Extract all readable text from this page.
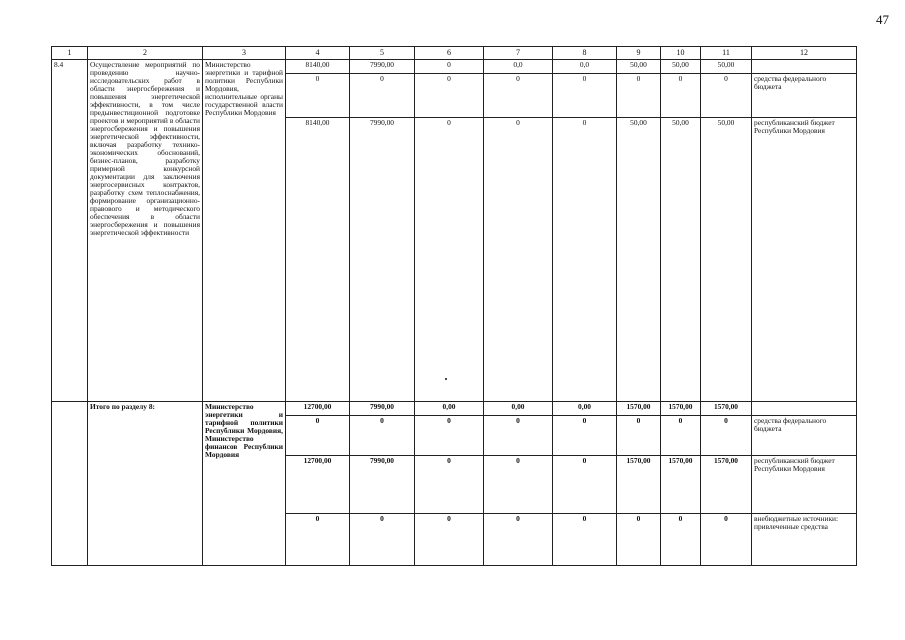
47
1	2	3	4	5	6	7	8	9	10	11	12
8.4	Осуществление мероприятий по проведению научно-исследовательских работ в области энергосбережения и повышения энергетической эффективности, в том числе предынвестиционной подготовке проектов и мероприятий в области энергосбережения и повышения энергетической эффективности, включая разработку технико-экономических обоснований, бизнес-планов, разработку примерной конкурсной документации для заключения энергосервисных контрактов, разработку схем теплоснабжения, формирование организационно-правового и методического обеспечения в области энергосбережения и повышения энергетической эффективности	Министерство энергетики и тарифной политики Республики Мордовия, исполнительные органы государственной власти Республики Мордовия	8140,00	7990,00	0	0,0	0,0	50,00	50,00	50,00	
			0	0	0	0	0	0	0	0	средства федерального бюджета
			8140,00	7990,00	0	0	0	50,00	50,00	50,00	республиканский бюджет Республики Мордовия
	Итого по разделу 8:	Министерство энергетики и тарифной политики Республики Мордовия, Министерство финансов Республики Мордовия	12700,00	7990,00	0,00	0,00	0,00	1570,00	1570,00	1570,00	
			0	0	0	0	0	0	0	0	средства федерального бюджета
			12700,00	7990,00	0	0	0	1570,00	1570,00	1570,00	республиканский бюджет Республики Мордовия
			0	0	0	0	0	0	0	0	внебюджетные источники: привлеченные средства
